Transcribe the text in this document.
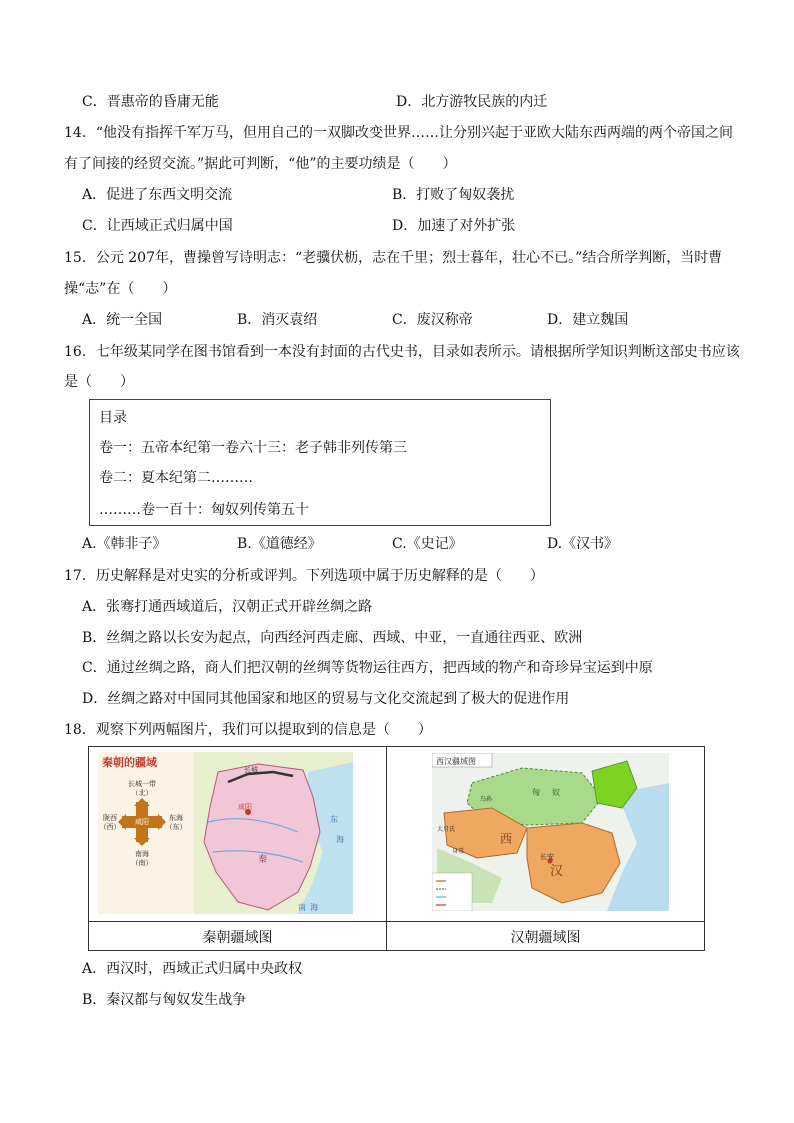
C．晋惠帝的昏庸无能	D．北方游牧民族的内迁
14．“他没有指挥千军万马，但用自己的一双脚改变世界……让分别兴起于亚欧大陆东西两端的两个帝国之间
有了间接的经贸交流。”据此可判断，“他”的主要功绩是（　　）
A．促进了东西文明交流	B．打败了匈奴袭扰
C．让西域正式归属中国	D．加速了对外扩张
15．公元 207年，曹操曾写诗明志：“老骥伏枥，志在千里；烈士暮年，壮心不已。”结合所学判断，当时曹
操“志”在（　　）
A．统一全国	B．消灭袁绍	C．废汉称帝	D．建立魏国
16．七年级某同学在图书馆看到一本没有封面的古代史书，目录如表所示。请根据所学知识判断这部史书应该
是（　　）
目录
卷一：五帝本纪第一卷六十三：老子韩非列传第三
卷二：夏本纪第二………
………卷一百十：匈奴列传第五十
A.《韩非子》	B.《道德经》	C.《史记》	D.《汉书》
17．历史解释是对史实的分析或评判。下列选项中属于历史解释的是（　　）
A．张骞打通西域道后，汉朝正式开辟丝绸之路
B．丝绸之路以长安为起点，向西经河西走廊、西域、中亚，一直通往西亚、欧洲
C．通过丝绸之路，商人们把汉朝的丝绸等货物运往西方，把西域的物产和奇珍异宝运到中原
D．丝绸之路对中国同其他国家和地区的贸易与文化交流起到了极大的促进作用
18．观察下列两幅图片，我们可以提取到的信息是（　　）
秦朝的疆域
长城一带
（北）
咸阳
陇西
（西）
东海
（东）
南海
（南）
长城
咸阳
东
海
南 海
秦
西汉疆域图
匈 奴
西
长安
汉
大月氏
身毒
乌孙
秦朝疆域图	汉朝疆域图
A．西汉时，西域正式归属中央政权
B．秦汉都与匈奴发生战争
